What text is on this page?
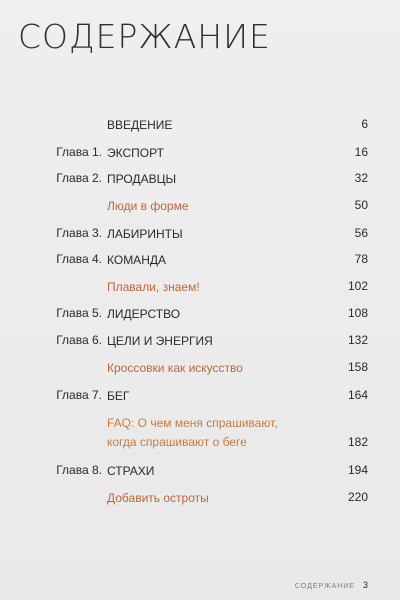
СОДЕРЖАНИЕ
ВВЕДЕНИЕ	6
Глава 1. ЭКСПОРТ	16
Глава 2. ПРОДАВЦЫ	32
Люди в форме	50
Глава 3. ЛАБИРИНТЫ	56
Глава 4. КОМАНДА	78
Плавали, знаем!	102
Глава 5. ЛИДЕРСТВО	108
Глава 6. ЦЕЛИ И ЭНЕРГИЯ	132
Кроссовки как искусство	158
Глава 7. БЕГ	164
FAQ: О чем меня спрашивают,
когда спрашивают о беге	182
Глава 8. СТРАХИ	194
Добавить остроты	220
СОДЕРЖАНИЕ 3
